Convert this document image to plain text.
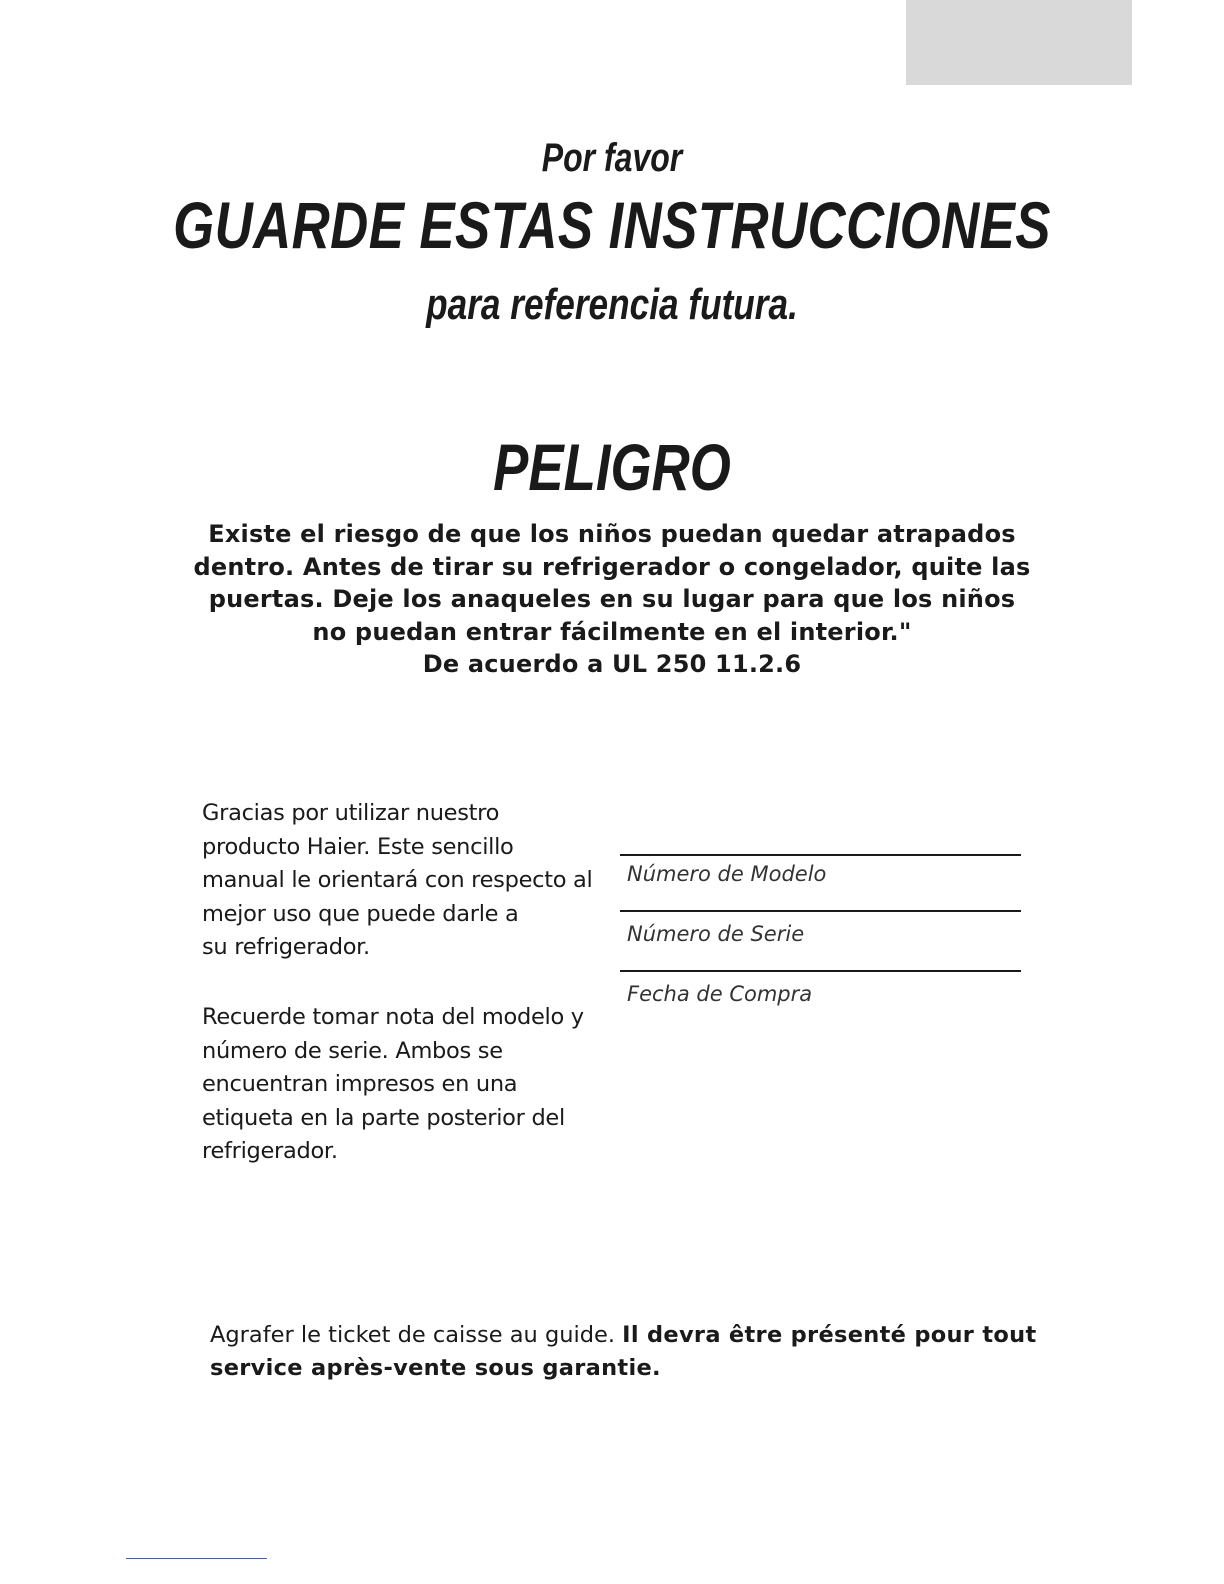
Por favor
GUARDE ESTAS INSTRUCCIONES
para referencia futura.
PELIGRO
Existe el riesgo de que los niños puedan quedar atrapados
dentro. Antes de tirar su refrigerador o congelador, quite las
puertas. Deje los anaqueles en su lugar para que los niños
no puedan entrar fácilmente en el interior."
De acuerdo a UL 250 11.2.6
Gracias por utilizar nuestro
producto Haier. Este sencillo
manual le orientará con respecto al
mejor uso que puede darle a
su refrigerador.
Recuerde tomar nota del modelo y
número de serie. Ambos se
encuentran impresos en una
etiqueta en la parte posterior del
refrigerador.
Número de Modelo
Número de Serie
Fecha de Compra
Agrafer le ticket de caisse au guide. Il devra être présenté pour tout
service après-vente sous garantie.
